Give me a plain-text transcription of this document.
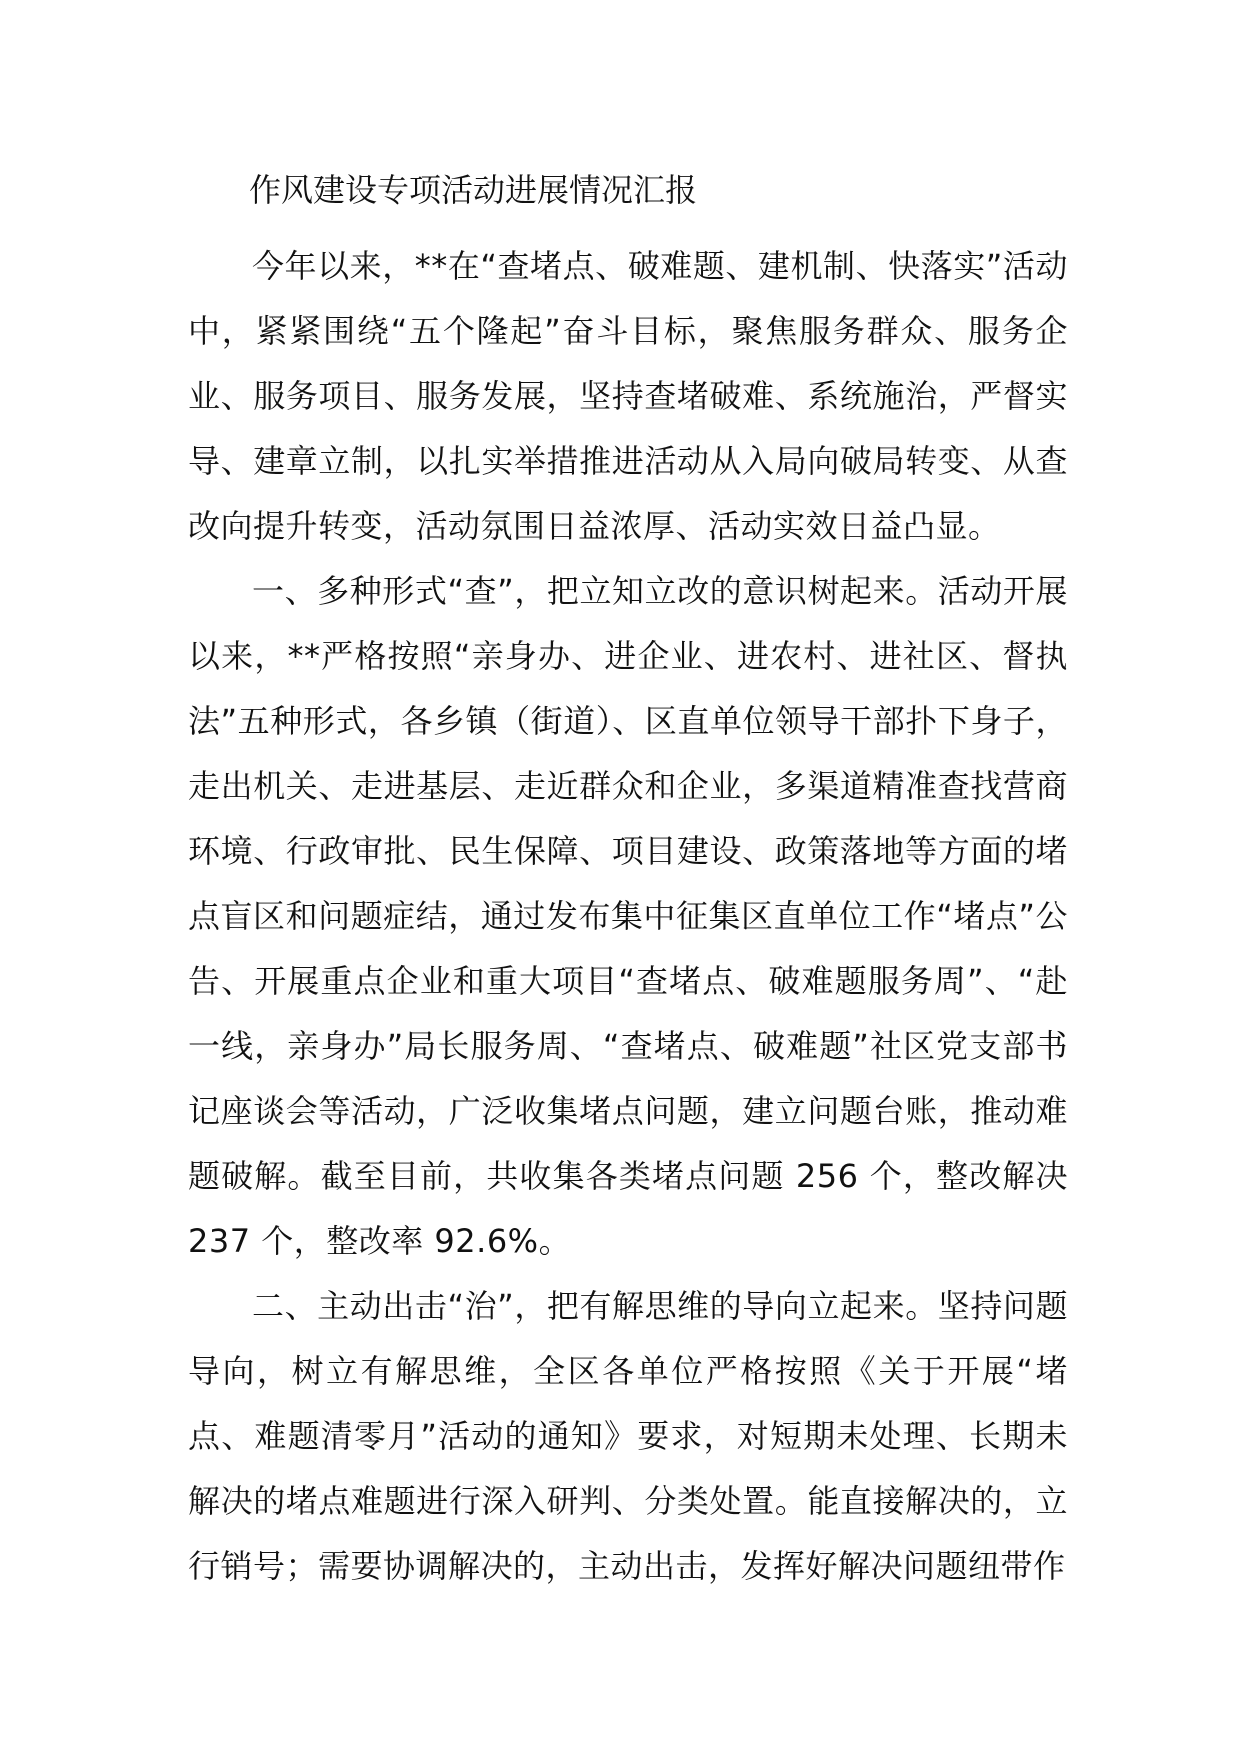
作风建设专项活动进展情况汇报

今年以来，**在“查堵点、破难题、建机制、快落实”活动中，紧紧围绕“五个隆起”奋斗目标，聚焦服务群众、服务企业、服务项目、服务发展，坚持查堵破难、系统施治，严督实导、建章立制，以扎实举措推进活动从入局向破局转变、从查改向提升转变，活动氛围日益浓厚、活动实效日益凸显。

一、多种形式“查”，把立知立改的意识树起来。活动开展以来，**严格按照“亲身办、进企业、进农村、进社区、督执法”五种形式，各乡镇（街道）、区直单位领导干部扑下身子，走出机关、走进基层、走近群众和企业，多渠道精准查找营商环境、行政审批、民生保障、项目建设、政策落地等方面的堵点盲区和问题症结，通过发布集中征集区直单位工作“堵点”公告、开展重点企业和重大项目“查堵点、破难题服务周”、“赴一线，亲身办”局长服务周、“查堵点、破难题”社区党支部书记座谈会等活动，广泛收集堵点问题，建立问题台账，推动难题破解。截至目前，共收集各类堵点问题 256 个，整改解决 237 个，整改率 92.6%。

二、主动出击“治”，把有解思维的导向立起来。坚持问题导向，树立有解思维，全区各单位严格按照《关于开展“堵点、难题清零月”活动的通知》要求，对短期未处理、长期未解决的堵点难题进行深入研判、分类处置。能直接解决的，立行销号；需要协调解决的，主动出击，发挥好解决问题纽带作
